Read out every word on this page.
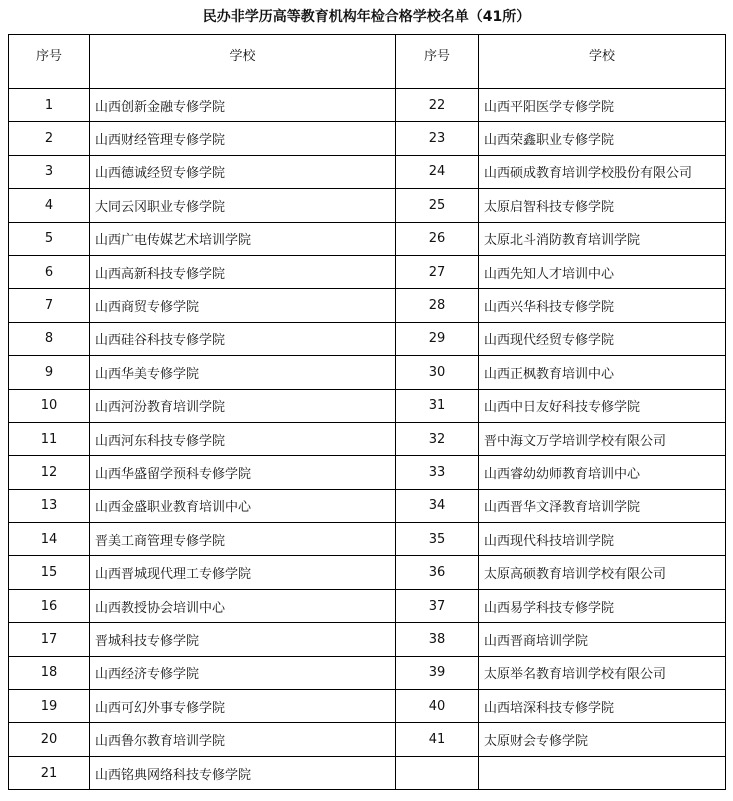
民办非学历高等教育机构年检合格学校名单（41所）
序号	学校	序号	学校
1	山西创新金融专修学院	22	山西平阳医学专修学院
2	山西财经管理专修学院	23	山西荣鑫职业专修学院
3	山西德诚经贸专修学院	24	山西硕成教育培训学校股份有限公司
4	大同云冈职业专修学院	25	太原启智科技专修学院
5	山西广电传媒艺术培训学院	26	太原北斗消防教育培训学院
6	山西高新科技专修学院	27	山西先知人才培训中心
7	山西商贸专修学院	28	山西兴华科技专修学院
8	山西硅谷科技专修学院	29	山西现代经贸专修学院
9	山西华美专修学院	30	山西正枫教育培训中心
10	山西河汾教育培训学院	31	山西中日友好科技专修学院
11	山西河东科技专修学院	32	晋中海文万学培训学校有限公司
12	山西华盛留学预科专修学院	33	山西睿幼幼师教育培训中心
13	山西金盛职业教育培训中心	34	山西晋华文泽教育培训学院
14	晋美工商管理专修学院	35	山西现代科技培训学院
15	山西晋城现代理工专修学院	36	太原高硕教育培训学校有限公司
16	山西教授协会培训中心	37	山西易学科技专修学院
17	晋城科技专修学院	38	山西晋商培训学院
18	山西经济专修学院	39	太原举名教育培训学校有限公司
19	山西可幻外事专修学院	40	山西培深科技专修学院
20	山西鲁尔教育培训学院	41	太原财会专修学院
21	山西铭典网络科技专修学院		
